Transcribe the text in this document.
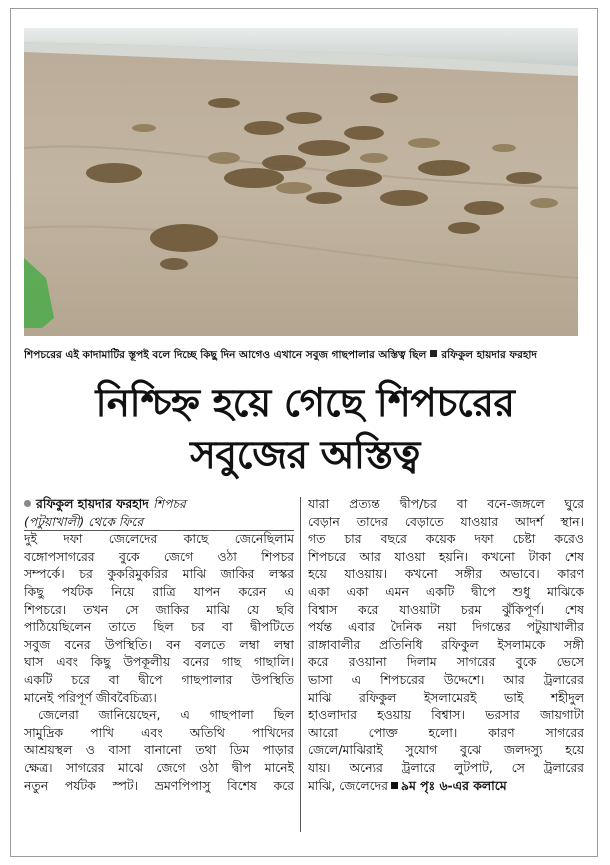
শিপচরের এই কাদামাটির স্তূপই বলে দিচ্ছে কিছু দিন আগেও এখানে সবুজ গাছপালার অস্তিত্ব ছিল রফিকুল হায়দার ফরহাদ
নিশ্চিহ্ন হয়ে গেছে শিপচরের
সবুজের অস্তিত্ব
রফিকুল হায়দার ফরহাদ শিপচর
(পটুয়াখালী) থেকে ফিরে
দুই দফা জেলেদের কাছে জেনেছিলাম
বঙ্গোপসাগরের বুকে জেগে ওঠা শিপচর
সম্পর্কে। চর কুকরিমুকরির মাঝি জাকির লস্কর
কিছু পর্যটক নিয়ে রাত্রি যাপন করেন এ
শিপচরে। তখন সে জাকির মাঝি যে ছবি
পাঠিয়েছিলেন তাতে ছিল চর বা দ্বীপটিতে
সবুজ বনের উপস্থিতি। বন বলতে লম্বা লম্বা
ঘাস এবং কিছু উপকূলীয় বনের গাছ গাছালি।
একটি চরে বা দ্বীপে গাছপালার উপস্থিতি
মানেই পরিপূর্ণ জীববৈচিত্র্য।
জেলেরা জানিয়েছেন, এ গাছপালা ছিল
সামুদ্রিক পাখি এবং অতিথি পাখিদের
আশ্রয়স্থল ও বাসা বানানো তথা ডিম পাড়ার
ক্ষেত্র। সাগরের মাঝে জেগে ওঠা দ্বীপ মানেই
নতুন পর্যটক স্পট। ভ্রমণপিপাসু বিশেষ করে
যারা প্রত্যন্ত দ্বীপ/চর বা বনে-জঙ্গলে ঘুরে
বেড়ান তাদের বেড়াতে যাওয়ার আদর্শ স্থান।
গত চার বছরে কয়েক দফা চেষ্টা করেও
শিপচরে আর যাওয়া হয়নি। কখনো টাকা শেষ
হয়ে যাওয়ায়। কখনো সঙ্গীর অভাবে। কারণ
একা একা এমন একটি দ্বীপে শুধু মাঝিকে
বিশ্বাস করে যাওয়াটা চরম ঝুঁকিপূর্ণ। শেষ
পর্যন্ত এবার দৈনিক নয়া দিগন্তের পটুয়াখালীর
রাঙ্গাবালীর প্রতিনিধি রফিকুল ইসলামকে সঙ্গী
করে রওয়ানা দিলাম সাগরের বুকে ভেসে
ভাসা এ শিপচরের উদ্দেশে। আর ট্রলারের
মাঝি রফিকুল ইসলামেরই ভাই শহীদুল
হাওলাদার হওয়ায় বিশ্বাস। ভরসার জায়গাটা
আরো পোক্ত হলো। কারণ সাগরের
জেলে/মাঝিরাই সুযোগ বুঝে জলদস্যু হয়ে
যায়। অন্যের ট্রলারে লুটপাট, সে ট্রলারের
মাঝি, জেলেদের ৯ম পৃঃ ৬-এর কলামে
